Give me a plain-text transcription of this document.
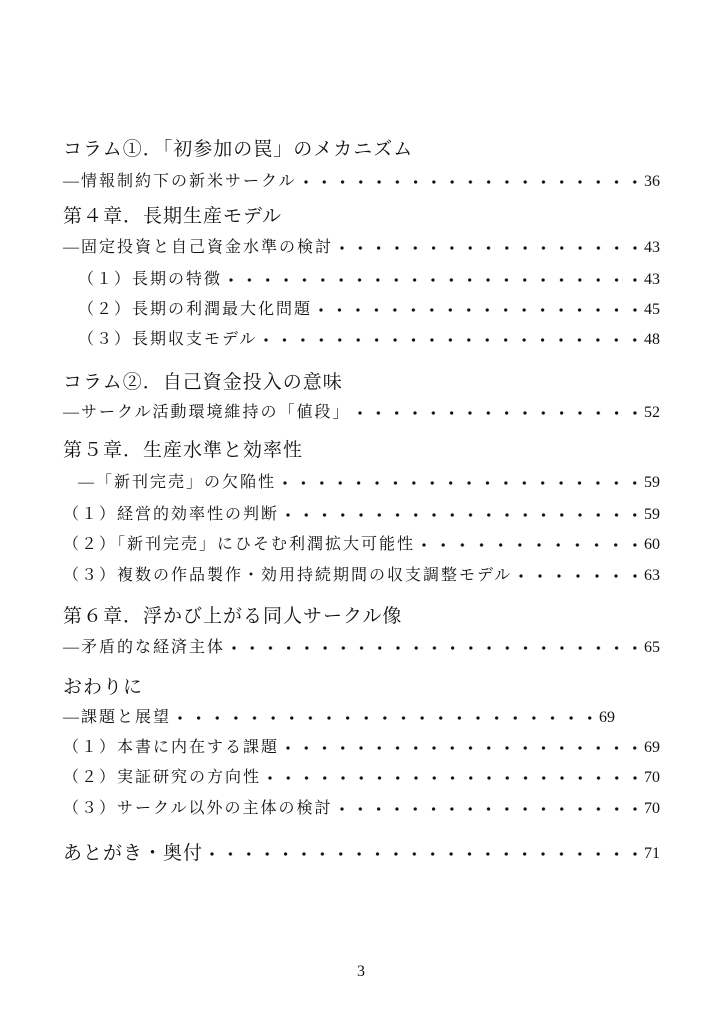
コラム①．「初参加の罠」のメカニズム
―情報制約下の新米サークル	36
第４章．長期生産モデル
―固定投資と自己資金水準の検討	43
（１）長期の特徴	43
（２）長期の利潤最大化問題	45
（３）長期収支モデル	48
コラム②．自己資金投入の意味
―サークル活動環境維持の「値段」	52
第５章．生産水準と効率性
―「新刊完売」の欠陥性	59
（１）経営的効率性の判断	59
（２）「新刊完売」にひそむ利潤拡大可能性	60
（３）複数の作品製作・効用持続期間の収支調整モデル	63
第６章．浮かび上がる同人サークル像
―矛盾的な経済主体	65
おわりに
―課題と展望	69
（１）本書に内在する課題	69
（２）実証研究の方向性	70
（３）サークル以外の主体の検討	70
あとがき・奥付	71
3
